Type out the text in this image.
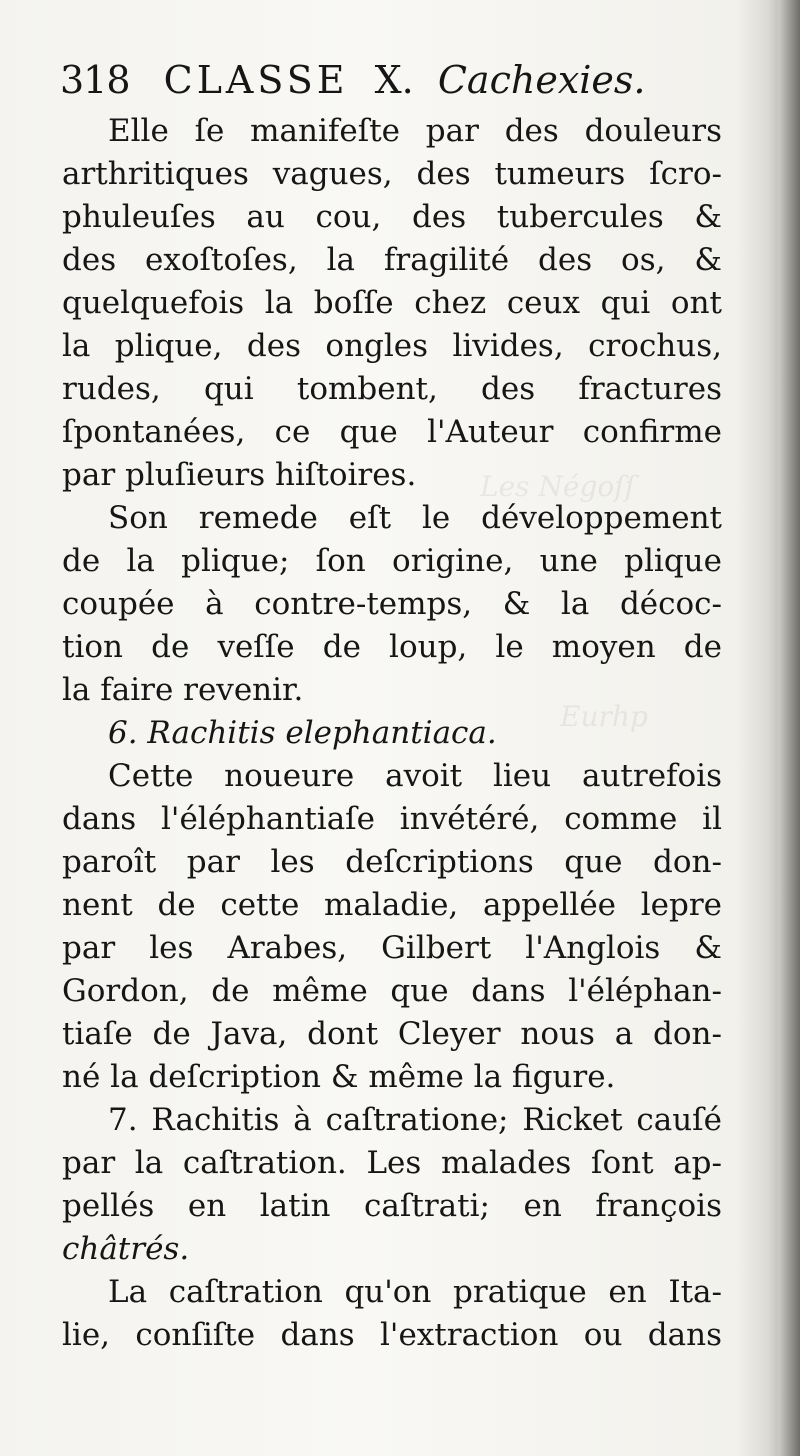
Les Négoſſ
Eurhp
318 CLASSE X. Cachexies.
Elle ſe manifeſte par des douleurs
arthritiques vagues, des tumeurs ſcro-
phuleuſes au cou, des tubercules &
des exoſtoſes, la fragilité des os, &
quelquefois la boſſe chez ceux qui ont
la plique, des ongles livides, crochus,
rudes, qui tombent, des fractures
ſpontanées, ce que l'Auteur confirme
par pluſieurs hiſtoires.
Son remede eſt le développement
de la plique; ſon origine, une plique
coupée à contre-temps, & la décoc-
tion de veſſe de loup, le moyen de
la faire revenir.
6. Rachitis elephantiaca.
Cette noueure avoit lieu autrefois
dans l'éléphantiaſe invétéré, comme il
paroît par les deſcriptions que don-
nent de cette maladie, appellée lepre
par les Arabes, Gilbert l'Anglois &
Gordon, de même que dans l'éléphan-
tiaſe de Java, dont Cleyer nous a don-
né la deſcription & même la figure.
7. Rachitis à caſtratione; Ricket cauſé
par la caſtration. Les malades ſont ap-
pellés en latin caſtrati; en françois
châtrés.
La caſtration qu'on pratique en Ita-
lie, conſiſte dans l'extraction ou dans
